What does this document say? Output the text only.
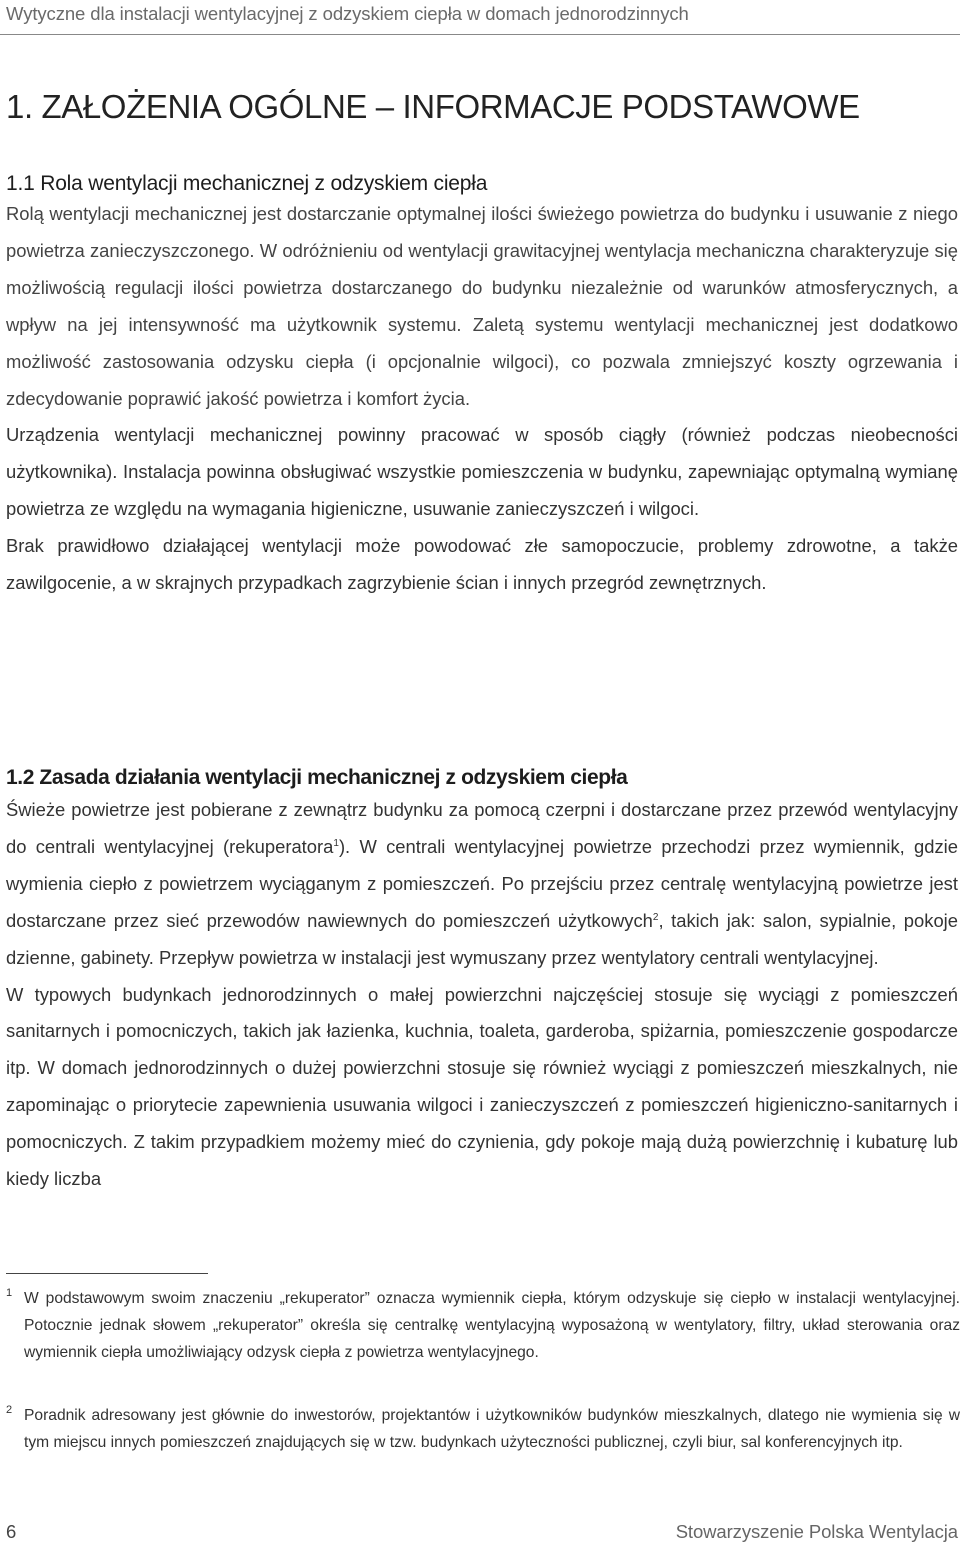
Wytyczne dla instalacji wentylacyjnej z odzyskiem ciepła w domach jednorodzinnych
1. ZAŁOŻENIA OGÓLNE – INFORMACJE PODSTAWOWE
1.1 Rola wentylacji mechanicznej z odzyskiem ciepła

Rolą wentylacji mechanicznej jest dostarczanie optymalnej ilości świeżego powietrza do budynku i usuwanie z niego powietrza zanieczyszczonego. W odróżnieniu od wentylacji grawitacyjnej wentylacja mechaniczna charakteryzuje się możliwością regulacji ilości powietrza dostarczanego do budynku niezależnie od warunków atmosferycznych, a wpływ na jej intensywność ma użytkownik systemu. Zaletą systemu wentylacji mechanicznej jest dodatkowo możliwość zastosowania odzysku ciepła (i opcjonalnie wilgoci), co pozwala zmniejszyć koszty ogrzewania i zdecydowanie poprawić jakość powietrza i komfort życia.

Urządzenia wentylacji mechanicznej powinny pracować w sposób ciągły (również podczas nieobecności użytkownika). Instalacja powinna obsługiwać wszystkie pomieszczenia w budynku, zapewniając optymalną wymianę powietrza ze względu na wymagania higieniczne, usuwanie zanieczyszczeń i wilgoci.

Brak prawidłowo działającej wentylacji może powodować złe samopoczucie, problemy zdrowotne, a także zawilgocenie, a w skrajnych przypadkach zagrzybienie ścian i innych przegród zewnętrznych.

1.2 Zasada działania wentylacji mechanicznej z odzyskiem ciepła

Świeże powietrze jest pobierane z zewnątrz budynku za pomocą czerpni i dostarczane przez przewód wentylacyjny do centrali wentylacyjnej (rekuperatora$^1$). W centrali wentylacyjnej powietrze przechodzi przez wymiennik, gdzie wymienia ciepło z powietrzem wyciąganym z pomieszczeń. Po przejściu przez centralę wentylacyjną powietrze jest dostarczane przez sieć przewodów nawiewnych do pomieszczeń użytkowych$^2$, takich jak: salon, sypialnie, pokoje dzienne, gabinety. Przepływ powietrza w instalacji jest wymuszany przez wentylatory centrali wentylacyjnej.

W typowych budynkach jednorodzinnych o małej powierzchni najczęściej stosuje się wyciągi z pomieszczeń sanitarnych i pomocniczych, takich jak łazienka, kuchnia, toaleta, garderoba, spiżarnia, pomieszczenie gospodarcze itp. W domach jednorodzinnych o dużej powierzchni stosuje się również wyciągi z pomieszczeń mieszkalnych, nie zapominając o priorytecie zapewnienia usuwania wilgoci i zanieczyszczeń z pomieszczeń higieniczno-sanitarnych i pomocniczych. Z takim przypadkiem możemy mieć do czynienia, gdy pokoje mają dużą powierzchnię i kubaturę lub kiedy liczba

1 W podstawowym swoim znaczeniu „rekuperator” oznacza wymiennik ciepła, którym odzyskuje się ciepło w instalacji wentylacyjnej. Potocznie jednak słowem „rekuperator” określa się centralkę wentylacyjną wyposażoną w wentylatory, filtry, układ sterowania oraz wymiennik ciepła umożliwiający odzysk ciepła z powietrza wentylacyjnego.
2 Poradnik adresowany jest głównie do inwestorów, projektantów i użytkowników budynków mieszkalnych, dlatego nie wymienia się w tym miejscu innych pomieszczeń znajdujących się w tzw. budynkach użyteczności publicznej, czyli biur, sal konferencyjnych itp.
6	Stowarzyszenie Polska Wentylacja
